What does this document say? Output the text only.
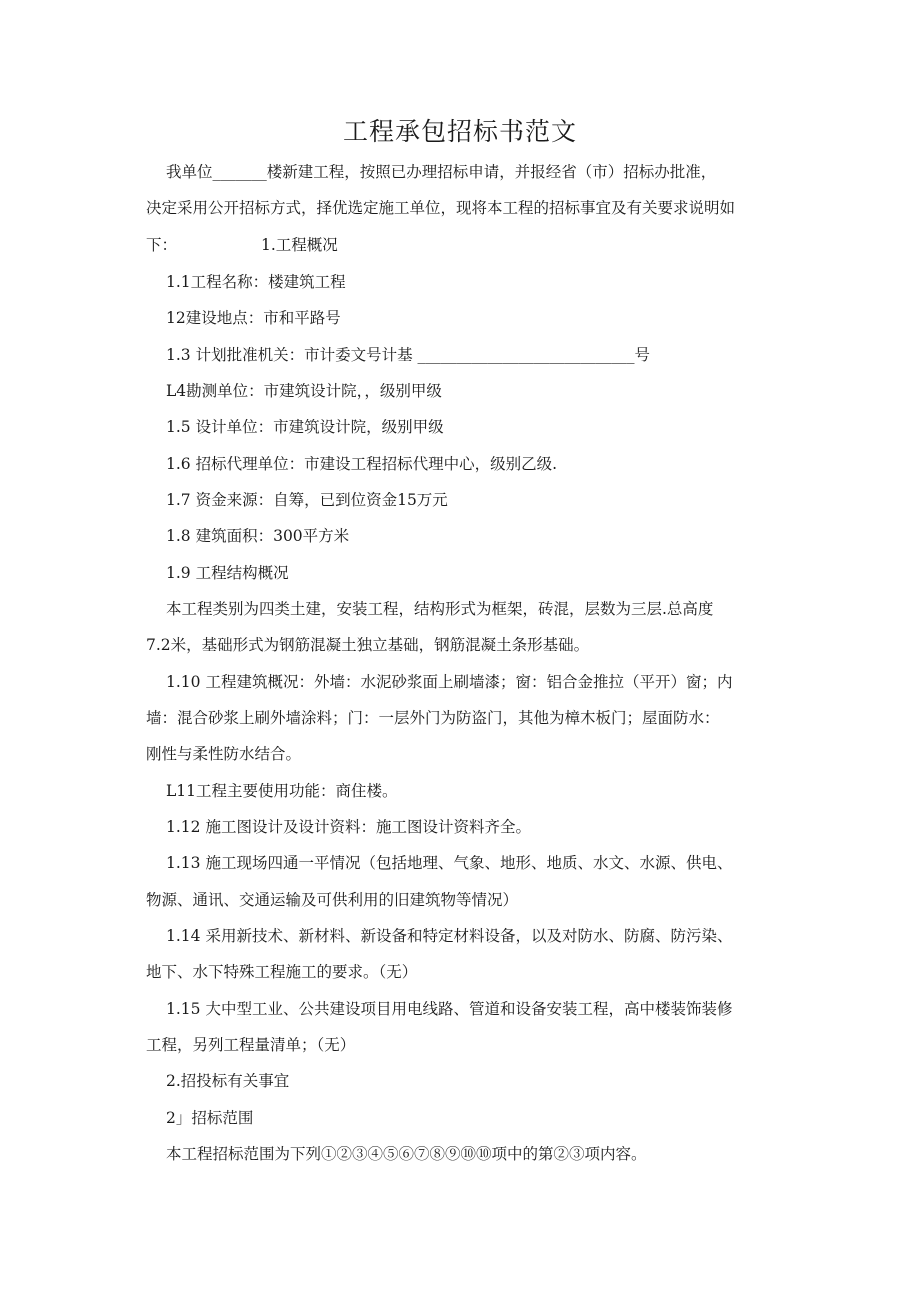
工程承包招标书范文
我单位_______楼新建工程，按照已办理招标申请，并报经省（市）招标办批准，
决定采用公开招标方式，择优选定施工单位，现将本工程的招标事宜及有关要求说明如
下：	1.工程概况
1.1工程名称：楼建筑工程
12建设地点：市和平路号
1.3 计划批准机关：市计委文号计基 ____________________________号
L4勘测单位：市建筑设计院，，级别甲级
1.5 设计单位：市建筑设计院，级别甲级
1.6 招标代理单位：市建设工程招标代理中心，级别乙级.
1.7 资金来源：自筹，已到位资金15万元
1.8 建筑面积：300平方米
1.9 工程结构概况
本工程类别为四类土建，安装工程，结构形式为框架，砖混，层数为三层.总高度
7.2米，基础形式为钢筋混凝土独立基础，钢筋混凝土条形基础。
1.10 工程建筑概况：外墙：水泥砂浆面上刷墙漆；窗：铝合金推拉（平开）窗；内
墙：混合砂浆上刷外墙涂料；门：一层外门为防盗门，其他为樟木板门；屋面防水：
刚性与柔性防水结合。
L11工程主要使用功能：商住楼。
1.12 施工图设计及设计资料：施工图设计资料齐全。
1.13 施工现场四通一平情况（包括地理、气象、地形、地质、水文、水源、供电、
物源、通讯、交通运输及可供利用的旧建筑物等情况）
1.14 采用新技术、新材料、新设备和特定材料设备，以及对防水、防腐、防污染、
地下、水下特殊工程施工的要求。（无）
1.15 大中型工业、公共建设项目用电线路、管道和设备安装工程，高中楼装饰装修
工程，另列工程量清单；（无）
2.招投标有关事宜
2」招标范围
本工程招标范围为下列①②③④⑤⑥⑦⑧⑨⑩⑩项中的第②③项内容。
